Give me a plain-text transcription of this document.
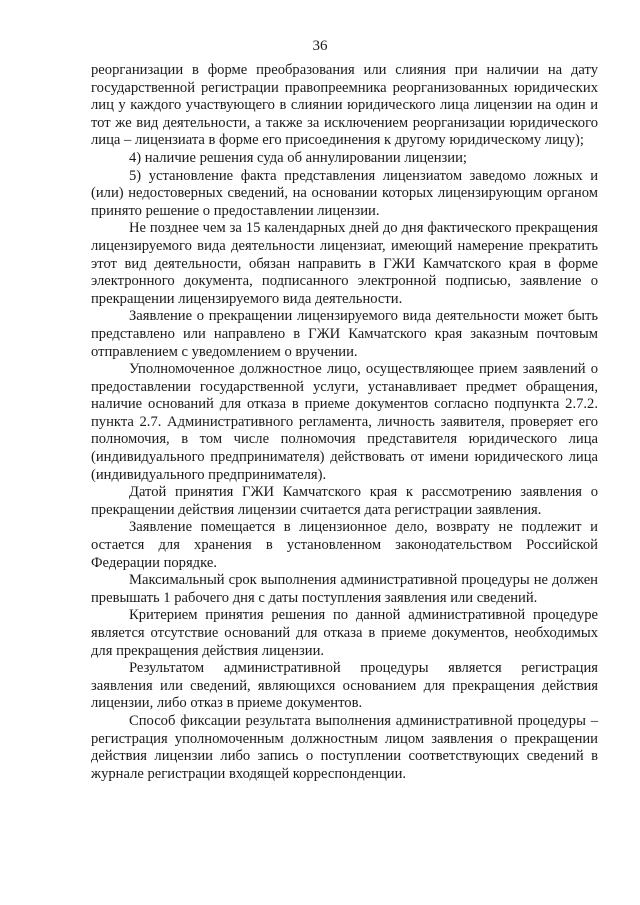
36

реорганизации в форме преобразования или слияния при наличии на дату государственной регистрации правопреемника реорганизованных юридических лиц у каждого участвующего в слиянии юридического лица лицензии на один и тот же вид деятельности, а также за исключением реорганизации юридического лица – лицензиата в форме его присоединения к другому юридическому лицу);

4) наличие решения суда об аннулировании лицензии;

5) установление факта представления лицензиатом заведомо ложных и (или) недостоверных сведений, на основании которых лицензирующим органом принято решение о предоставлении лицензии.

Не позднее чем за 15 календарных дней до дня фактического прекращения лицензируемого вида деятельности лицензиат, имеющий намерение прекратить этот вид деятельности, обязан направить в ГЖИ Камчатского края в форме электронного документа, подписанного электронной подписью, заявление о прекращении лицензируемого вида деятельности.

Заявление о прекращении лицензируемого вида деятельности может быть представлено или направлено в ГЖИ Камчатского края заказным почтовым отправлением с уведомлением о вручении.

Уполномоченное должностное лицо, осуществляющее прием заявлений о предоставлении государственной услуги, устанавливает предмет обращения, наличие оснований для отказа в приеме документов согласно подпункта 2.7.2. пункта 2.7. Административного регламента, личность заявителя, проверяет его полномочия, в том числе полномочия представителя юридического лица (индивидуального предпринимателя) действовать от имени юридического лица (индивидуального предпринимателя).

Датой принятия ГЖИ Камчатского края к рассмотрению заявления о прекращении действия лицензии считается дата регистрации заявления.

Заявление помещается в лицензионное дело, возврату не подлежит и остается для хранения в установленном законодательством Российской Федерации порядке.

Максимальный срок выполнения административной процедуры не должен превышать 1 рабочего дня с даты поступления заявления или сведений.

Критерием принятия решения по данной административной процедуре является отсутствие оснований для отказа в приеме документов, необходимых для прекращения действия лицензии.

Результатом административной процедуры является регистрация заявления или сведений, являющихся основанием для прекращения действия лицензии, либо отказ в приеме документов.

Способ фиксации результата выполнения административной процедуры – регистрация уполномоченным должностным лицом заявления о прекращении действия лицензии либо запись о поступлении соответствующих сведений в журнале регистрации входящей корреспонденции.
